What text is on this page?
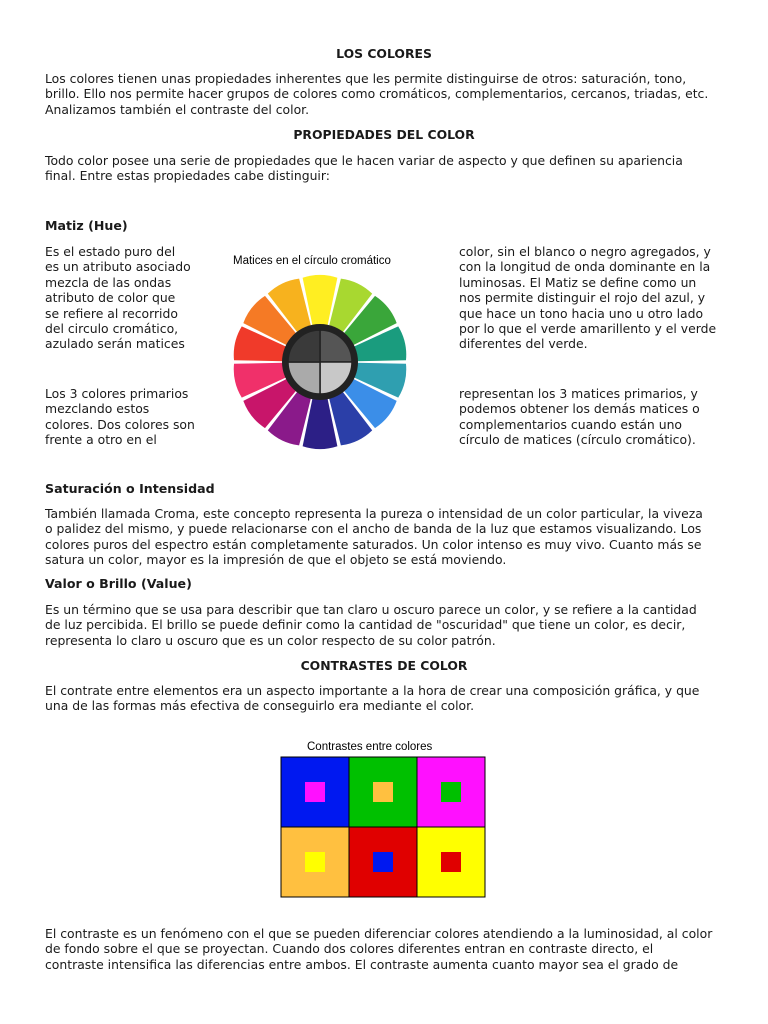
LOS COLORES

Los colores tienen unas propiedades inherentes que les permite distinguirse de otros: saturación, tono,
brillo. Ello nos permite hacer grupos de colores como cromáticos, complementarios, cercanos, triadas, etc.
Analizamos también el contraste del color.

PROPIEDADES DEL COLOR

Todo color posee una serie de propiedades que le hacen variar de aspecto y que definen su apariencia
final. Entre estas propiedades cabe distinguir:

Matiz (Hue)

Es el estado puro del
es un atributo asociado
mezcla de las ondas
atributo de color que
se refiere al recorrido
del circulo cromático,
azulado serán matices

color, sin el blanco o negro agregados, y
con la longitud de onda dominante en la
luminosas. El Matiz se define como un
nos permite distinguir el rojo del azul, y
que hace un tono hacia uno u otro lado
por lo que el verde amarillento y el verde
diferentes del verde.

Matices en el círculo cromático

Los 3 colores primarios
mezclando estos
colores. Dos colores son
frente a otro en el

representan los 3 matices primarios, y
podemos obtener los demás matices o
complementarios cuando están uno
círculo de matices (círculo cromático).

Saturación o Intensidad

También llamada Croma, este concepto representa la pureza o intensidad de un color particular, la viveza
o palidez del mismo, y puede relacionarse con el ancho de banda de la luz que estamos visualizando. Los
colores puros del espectro están completamente saturados. Un color intenso es muy vivo. Cuanto más se
satura un color, mayor es la impresión de que el objeto se está moviendo.

Valor o Brillo (Value)

Es un término que se usa para describir que tan claro u oscuro parece un color, y se refiere a la cantidad
de luz percibida. El brillo se puede definir como la cantidad de "oscuridad" que tiene un color, es decir,
representa lo claro u oscuro que es un color respecto de su color patrón.

CONTRASTES DE COLOR

El contrate entre elementos era un aspecto importante a la hora de crear una composición gráfica, y que
una de las formas más efectiva de conseguirlo era mediante el color.

Contrastes entre colores

El contraste es un fenómeno con el que se pueden diferenciar colores atendiendo a la luminosidad, al color
de fondo sobre el que se proyectan. Cuando dos colores diferentes entran en contraste directo, el
contraste intensifica las diferencias entre ambos. El contraste aumenta cuanto mayor sea el grado de
